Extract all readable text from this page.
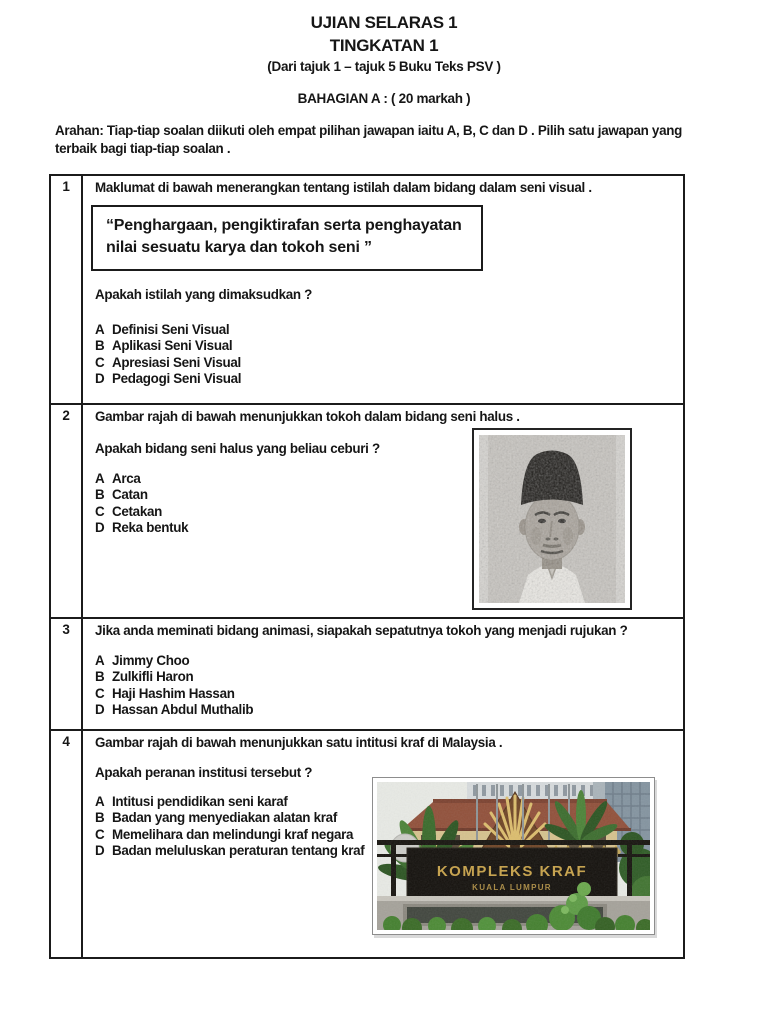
UJIAN SELARAS 1
TINGKATAN 1
(Dari tajuk 1 – tajuk 5 Buku Teks PSV )
BAHAGIAN A : ( 20 markah )
Arahan: Tiap-tiap soalan diikuti oleh empat pilihan jawapan iaitu A, B, C dan D . Pilih satu jawapan yang terbaik bagi tiap-tiap soalan .
1	Maklumat di bawah menerangkan tentang istilah dalam bidang dalam seni visual .
“Penghargaan, pengiktirafan serta penghayatan
nilai sesuatu karya dan tokoh seni ”
Apakah istilah yang dimaksudkan ?
A Definisi Seni Visual
B Aplikasi Seni Visual
C Apresiasi Seni Visual
D Pedagogi Seni Visual
2	Gambar rajah di bawah menunjukkan tokoh dalam bidang seni halus .
Apakah bidang seni halus yang beliau ceburi ?
A Arca
B Catan
C Cetakan
D Reka bentuk
3	Jika anda meminati bidang animasi, siapakah sepatutnya tokoh yang menjadi rujukan ?
A Jimmy Choo
B Zulkifli Haron
C Haji Hashim Hassan
D Hassan Abdul Muthalib
4	Gambar rajah di bawah menunjukkan satu intitusi kraf di Malaysia .
Apakah peranan institusi tersebut ?
A Intitusi pendidikan seni karaf
B Badan yang menyediakan alatan kraf
C Memelihara dan melindungi kraf negara
D Badan meluluskan peraturan tentang kraf
KOMPLEKS KRAF
KUALA LUMPUR
